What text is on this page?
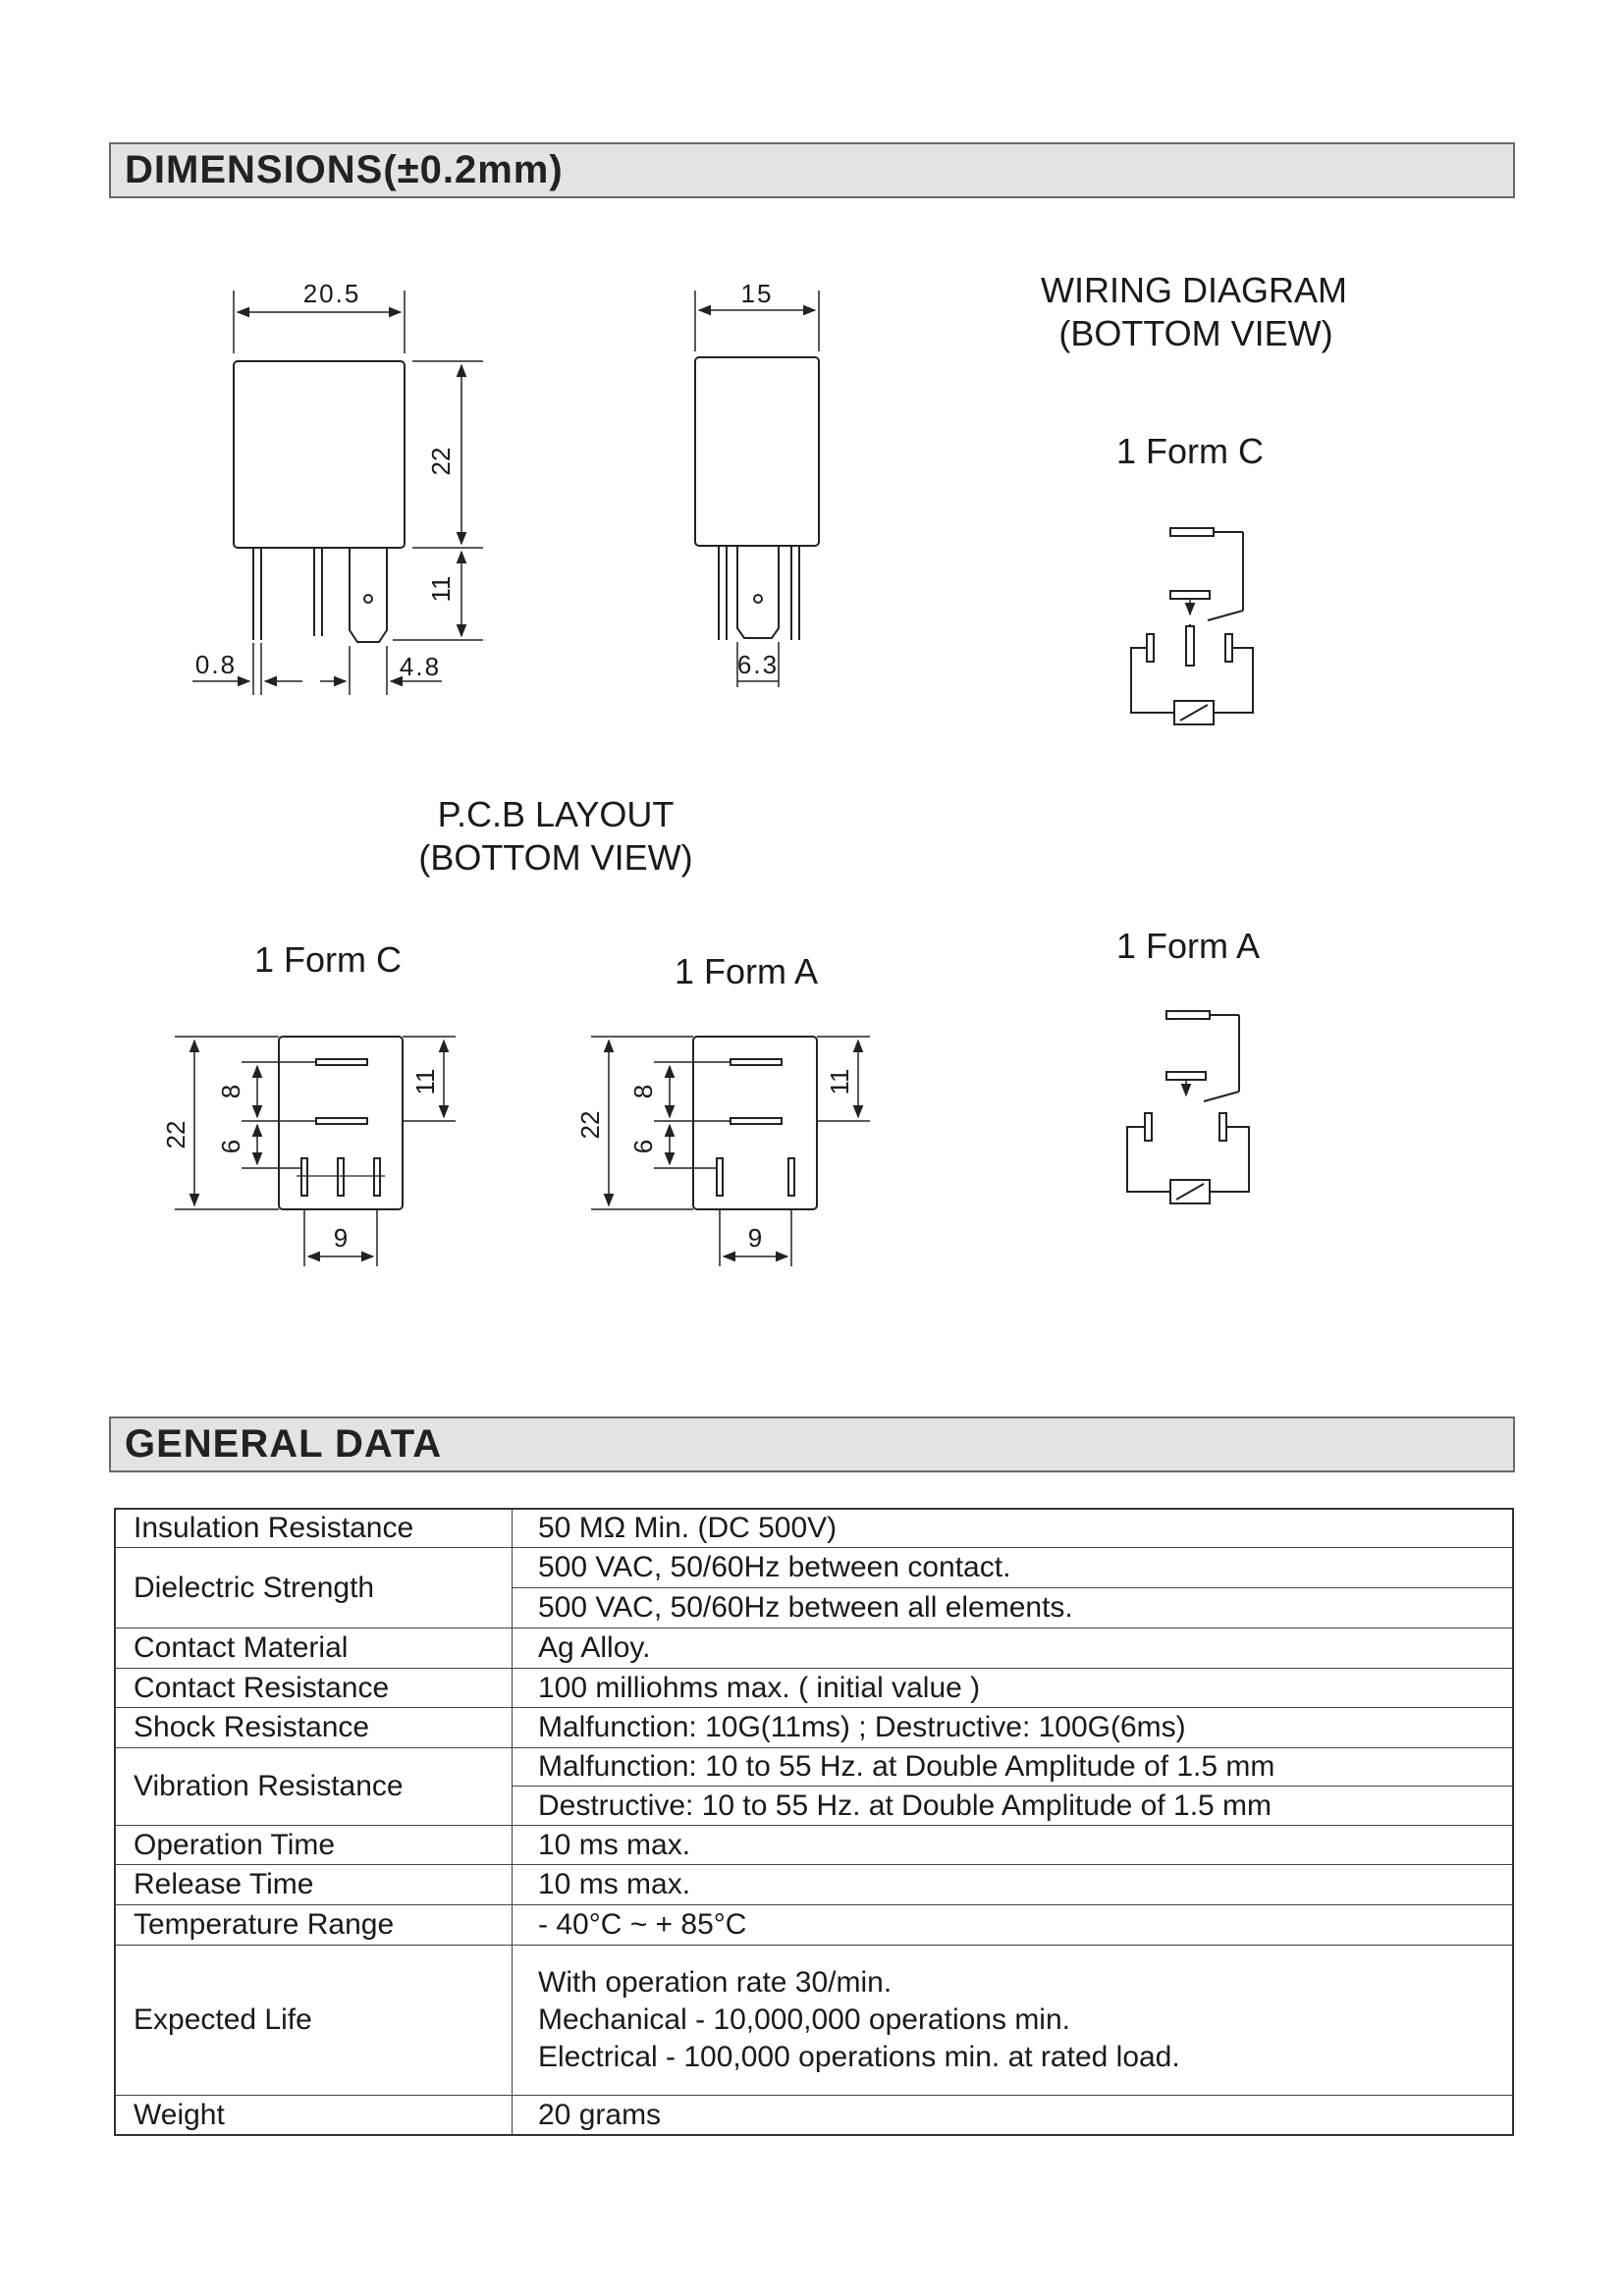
DIMENSIONS(±0.2mm)
20.5
22
11
0.8	4.8
15
6.3
WIRING DIAGRAM
(BOTTOM VIEW)
1 Form C
1 Form A
P.C.B LAYOUT
(BOTTOM VIEW)
1 Form C
22
8
6
11
9
1 Form A
22
8
6
11
9
GENERAL DATA
Insulation Resistance	50 MΩ Min. (DC 500V)
Dielectric Strength	500 VAC, 50/60Hz between contact.
	500 VAC, 50/60Hz between all elements.
Contact Material	Ag Alloy.
Contact Resistance	100 milliohms max. ( initial value )
Shock Resistance	Malfunction: 10G(11ms) ; Destructive: 100G(6ms)
Vibration Resistance	Malfunction: 10 to 55 Hz. at Double Amplitude of 1.5 mm
	Destructive: 10 to 55 Hz. at Double Amplitude of 1.5 mm
Operation Time	10 ms max.
Release Time	10 ms max.
Temperature Range	- 40°C ~ + 85°C
Expected Life	With operation rate 30/min.
Mechanical - 10,000,000 operations min.
Electrical - 100,000 operations min. at rated load.

Weight	20 grams
